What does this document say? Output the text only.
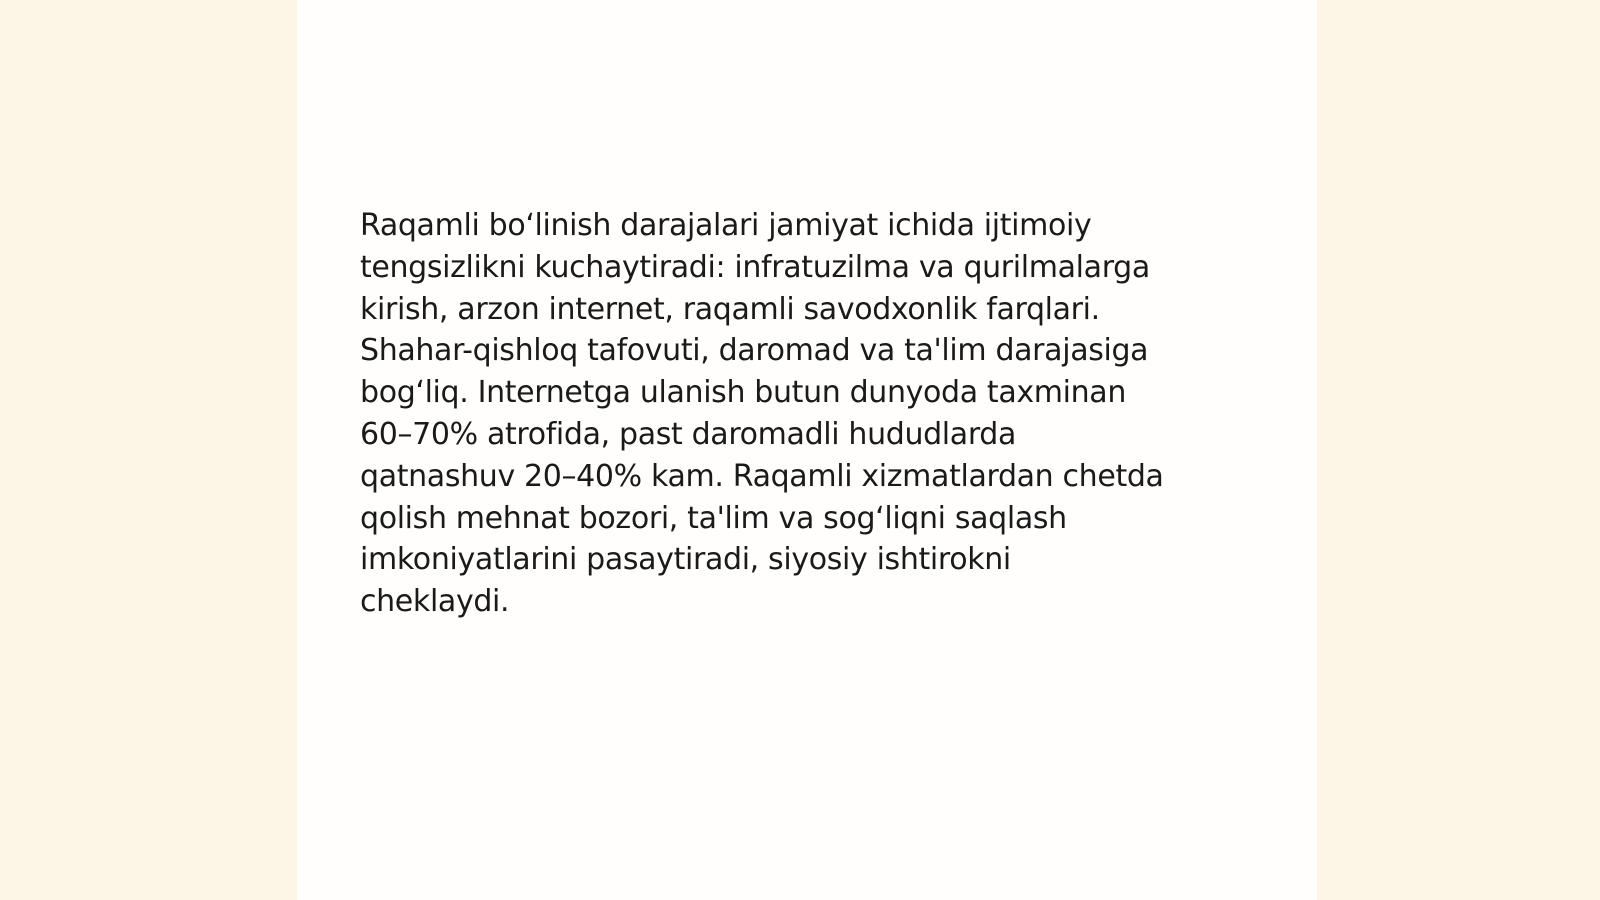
Raqamli bo‘linish darajalari jamiyat ichida ijtimoiy
tengsizlikni kuchaytiradi: infratuzilma va qurilmalarga
kirish, arzon internet, raqamli savodxonlik farqlari.
Shahar-qishloq tafovuti, daromad va ta'lim darajasiga
bog‘liq. Internetga ulanish butun dunyoda taxminan
60–70% atrofida, past daromadli hududlarda
qatnashuv 20–40% kam. Raqamli xizmatlardan chetda
qolish mehnat bozori, ta'lim va sog‘liqni saqlash
imkoniyatlarini pasaytiradi, siyosiy ishtirokni
cheklaydi.
